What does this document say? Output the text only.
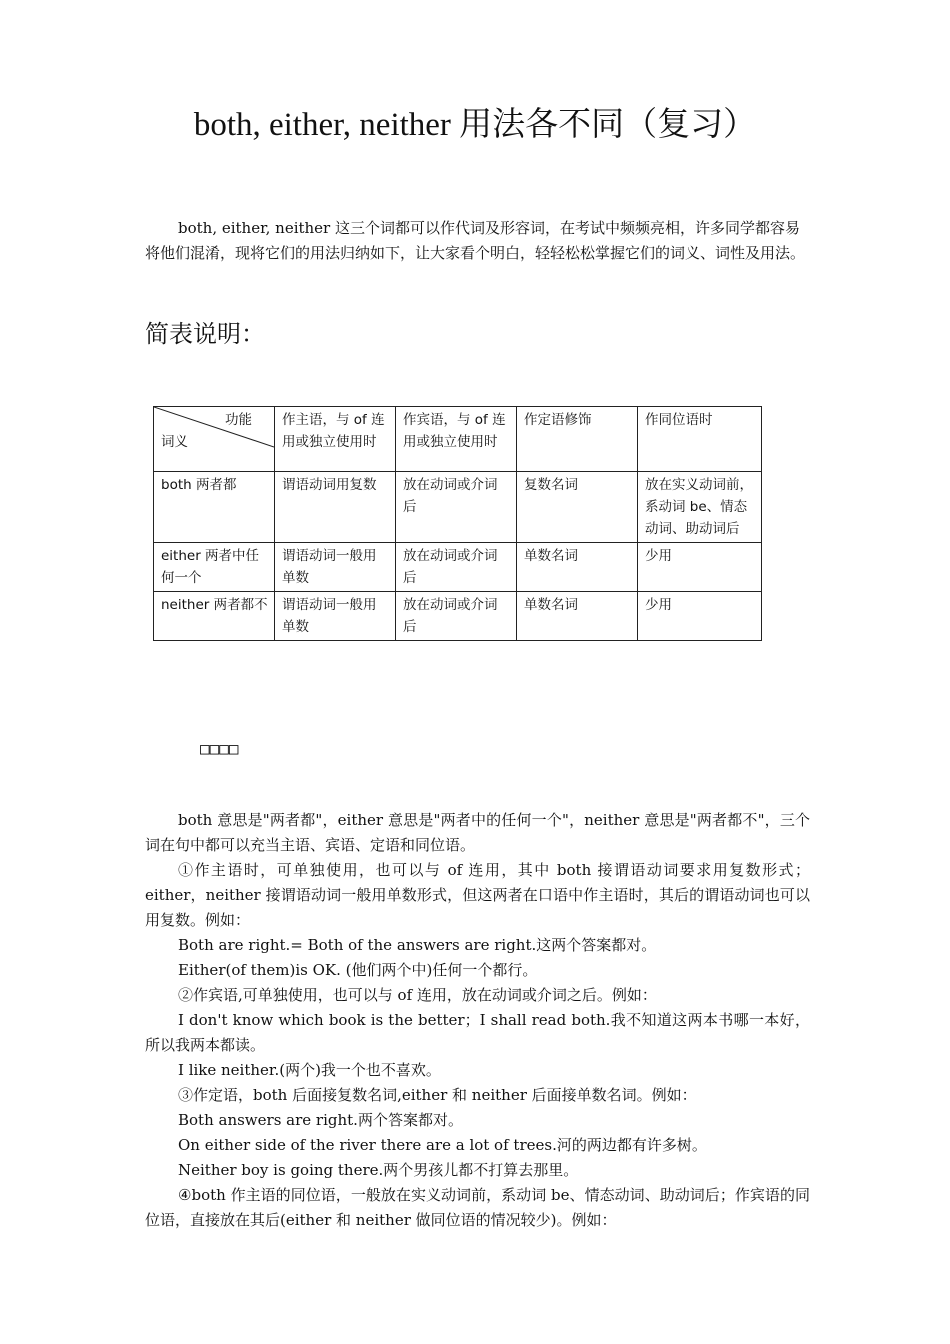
both, either, neither 用法各不同（复习）

both, either, neither 这三个词都可以作代词及形容词，在考试中频频亮相，许多同学都容易将他们混淆，现将它们的用法归纳如下，让大家看个明白，轻轻松松掌握它们的词义、词性及用法。

简表说明：
功能
词义	作主语，与 of 连用或独立使用时	作宾语，与 of 连用或独立使用时	作定语修饰	作同位语时
both 两者都	谓语动词用复数	放在动词或介词后	复数名词	放在实义动词前，系动词 be、情态动词、助动词后
either 两者中任何一个	谓语动词一般用单数	放在动词或介词后	单数名词	少用
neither 两者都不	谓语动词一般用单数	放在动词或介词后	单数名词	少用
□□□□

both 意思是"两者都"，either 意思是"两者中的任何一个"，neither 意思是"两者都不"，三个词在句中都可以充当主语、宾语、定语和同位语。

①作主语时，可单独使用，也可以与 of 连用，其中 both 接谓语动词要求用复数形式；either，neither 接谓语动词一般用单数形式，但这两者在口语中作主语时，其后的谓语动词也可以用复数。例如：

Both are right.= Both of the answers are right.这两个答案都对。

Either(of them)is OK. (他们两个中)任何一个都行。

②作宾语,可单独使用，也可以与 of 连用，放在动词或介词之后。例如：

I don't know which book is the better；I shall read both.我不知道这两本书哪一本好，所以我两本都读。

I like neither.(两个)我一个也不喜欢。

③作定语，both 后面接复数名词,either 和 neither 后面接单数名词。例如：

Both answers are right.两个答案都对。

On either side of the river there are a lot of trees.河的两边都有许多树。

Neither boy is going there.两个男孩儿都不打算去那里。

④both 作主语的同位语，一般放在实义动词前，系动词 be、情态动词、助动词后；作宾语的同位语，直接放在其后(either 和 neither 做同位语的情况较少)。例如：
